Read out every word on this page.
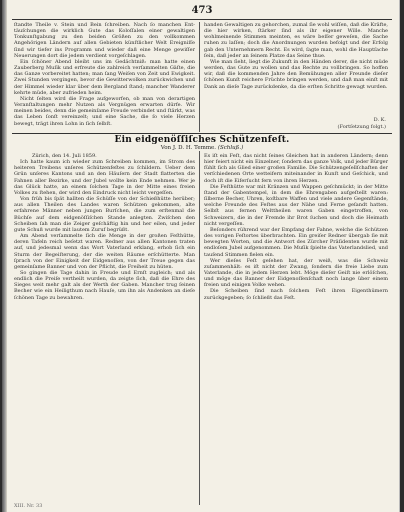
473

ſtandte Theile v. Stein und Bein ſchreiben. Nach ſo manchen Ent- täuſchungen die wirklich Gute das Koloſſalen einer gewaltigen Tonkunſtgabung zu den beiden Größen zu den vollkommen Angehörigen Ländern auf allen Gebieten künſtlicher Welt Ereigniſſe ſind wir tiefer ins Programm und wieder daß eine Menge gewiſſer Neuerungen dort die jedem verdient vorgeſchlagen.

Ein ſchöner Abend bleibt uns im Gedächtniß: man hatte einen Zauberberg Muſik und erfreute die zahlreich verſammelten Gäſte, die das Ganze vorbereitet hatten; man ſang Weiſen von Zeit und Ewigkeit. Zwei Stunden vergingen, bevor die Gewitterwolken zurückwichen und der Himmel wieder klar über dem Bergland ſtand; mancher Wanderer kehrte müde, aber zufrieden heim.

Nicht ſelten wird die Frage aufgeworfen, ob man von derartigen Veranſtaltungen mehr Nutzen als Vergnügen erwarten dürfe. Wir meinen beides, denn die gemeinſame Freude verbindet und ſtärkt, was das Leben ſonſt vereinzelt; und eine Sache, die ſo viele Herzen bewegt, trägt ihren Lohn in ſich ſelbſt.

handen Gewaltigen zu gehorchen, zumal ſie wohl wiſſen, daß die Kräfte, die hier wirken, ſtärker ſind als ihr eigener Wille. Manche wohlmeinende Stimmen meinten, es wäre beſſer geweſen, die Sache ruhen zu laſſen; doch die Anordnungen wurden befolgt und der Erfolg gab den Unternehmern Recht. Es wird, ſagte man, wohl die Hauptſache ſein, daß jeder an ſeinem Platze das Seine thue.

Wie man ſieht, liegt die Zukunft in den Händen derer, die nicht müde werden, das Gute zu wollen und das Rechte zu vollbringen. So hoffen wir, daß die kommenden Jahre den Bemühungen aller Freunde dieſer ſchönen Kunſt reichere Früchte bringen werden, und daß man einſt mit Dank an dieſe Tage zurückdenke, da die erſten Schritte gewagt wurden.

D. K.
(Fortſetzung folgt.)
Ein eidgenöſſiſches Schützenfeſt.
Von J. D. H. Temme. (Schluß.)

Zürich, den 14. Juli 1859.

Ich hatte kaum ich wieder zum Schreiben kommen, im Strom des heiteren Treibens unſeres Schützenfeſtes zu ſchildern. Ueber dem Grün unſeres Kantons und an den Häuſern der Stadt flatterten die Fahnen aller Bezirke, und der Jubel wollte kein Ende nehmen. Wer je das Glück hatte, an einem ſolchen Tage in der Mitte eines freien Volkes zu ſtehen, der wird den Eindruck nicht leicht vergeſſen.

Von früh bis ſpät hallten die Schüſſe von der Schießhütte herüber; aus allen Theilen des Landes waren Schützen gekommen, alte erfahrene Männer neben jungen Burſchen, die zum erſtenmal die Büchſe auf dem eidgenöſſiſchen Stande anlegten. Zwiſchen den Scheiben ſah man die Zeiger geſchäftig hin und her eilen, und jeder gute Schuß wurde mit lautem Zuruf begrüßt.

Am Abend verſammelte ſich die Menge in der großen Feſthütte, deren Tafeln reich beſetzt waren. Redner aus allen Kantonen traten auf, und jedesmal wenn das Wort Vaterland erklang, erhob ſich ein Sturm der Begeiſterung, der die weiten Räume erſchütterte. Man ſprach von der Einigkeit der Eidgenoſſen, von der Treue gegen das gemeinſame Banner und von der Pflicht, die Freiheit zu hüten.

So gingen die Tage dahin in Freude und Ernſt zugleich; und als endlich die Preiſe vertheilt wurden, da zeigte ſich, daß die Ehre des Sieges weit mehr galt als der Werth der Gaben. Mancher trug ſeinen Becher wie ein Heiligthum nach Hauſe, um ihn als Andenken an dieſe ſchönen Tage zu bewahren.

Es iſt ein Feſt, das nicht ſeines Gleichen hat in anderen Ländern; denn hier feiert nicht ein Einzelner, ſondern das ganze Volk, und jeder Bürger fühlt ſich als Glied einer großen Familie. Die Schützengeſellſchaften der verſchiedenen Orte wetteifern miteinander in Kunſt und Geſchick, und doch iſt die Eiferſucht fern von ihren Herzen.

Die Feſthütte war mit Kränzen und Wappen geſchmückt; in der Mitte ſtand der Gabentempel, in dem die Ehrengaben aufgeſtellt waren: ſilberne Becher, Uhren, koſtbare Waffen und viele andere Gegenſtände, welche Freunde des Feſtes aus der Nähe und Ferne geſandt hatten. Selbſt aus fernen Welttheilen waren Gaben eingetroffen, von Schweizern, die in der Fremde ihr Brot ſuchen und doch die Heimath nicht vergeſſen.

Beſonders rührend war der Empfang der Fahne, welche die Schützen des vorigen Feſtortes überbrachten. Ein greiſer Redner übergab ſie mit bewegten Worten, und die Antwort des Zürcher Präſidenten wurde mit endloſem Jubel aufgenommen. Die Muſik ſpielte das Vaterlandslied, und tauſend Stimmen fielen ein.

Wer dieſes Feſt geſehen hat, der weiß, was die Schweiz zuſammenhält: es iſt nicht der Zwang, ſondern die freie Liebe zum Vaterlande, die in jedem Herzen lebt. Möge dieſer Geiſt nie erlöſchen, und möge das Banner der Eidgenoſſenſchaft noch lange über einem freien und einigen Volke wehen.

Die Scheiben ſind nach ſolchem Feſt ihren Eigenthümern zurückgegeben; ſo ſchließt das Feſt.

XIII. Nr. 33
